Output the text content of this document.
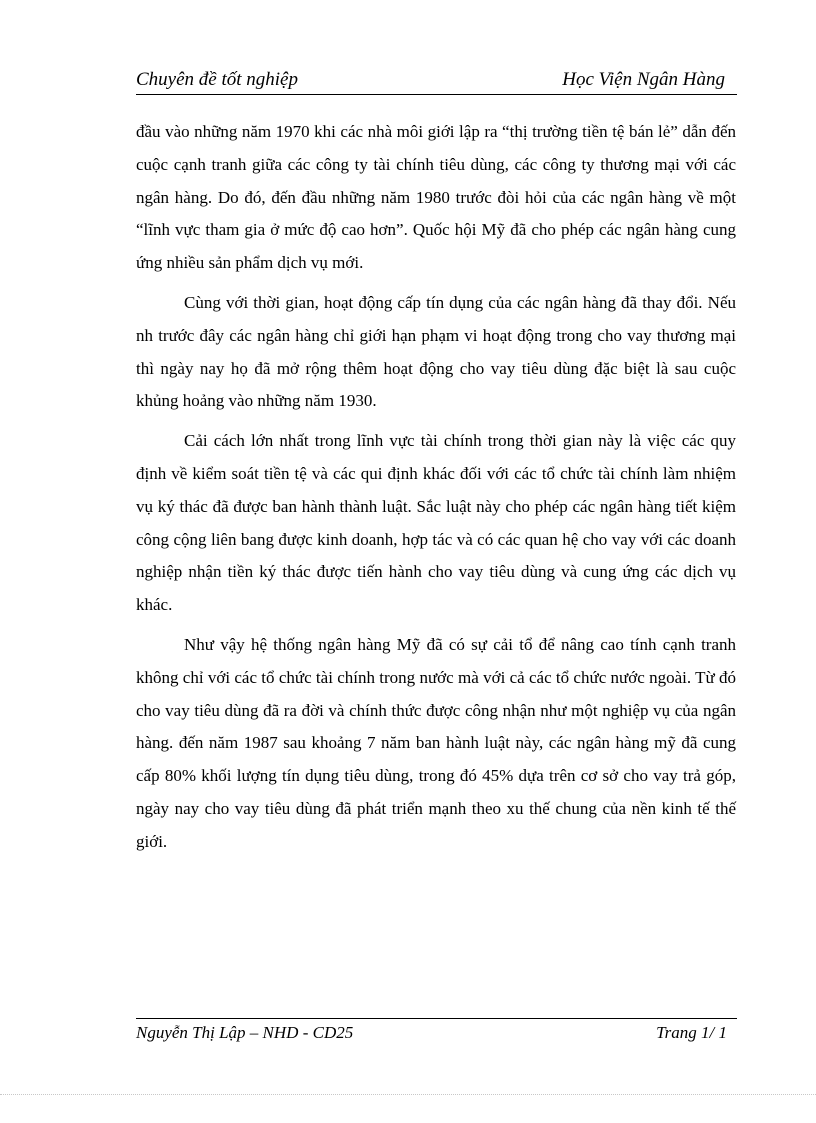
Chuyên đề tốt nghiệp	Học Viện Ngân Hàng

đầu vào những năm 1970 khi các nhà môi giới lập ra “thị trường tiền tệ bán lẻ” dẫn đến cuộc cạnh tranh giữa các công ty tài chính tiêu dùng, các công ty thương mại với các ngân hàng. Do đó, đến đầu những năm 1980 trước đòi hỏi của các ngân hàng về một “lĩnh vực tham gia ở mức độ cao hơn”. Quốc hội Mỹ đã cho phép các ngân hàng cung ứng nhiều sản phẩm dịch vụ mới.

Cùng với thời gian, hoạt động cấp tín dụng của các ngân hàng đã thay đổi. Nếu nh trước đây các ngân hàng chỉ giới hạn phạm vi hoạt động trong cho vay thương mại thì ngày nay họ đã mở rộng thêm hoạt động cho vay tiêu dùng đặc biệt là sau cuộc khủng hoảng vào những năm 1930.

Cải cách lớn nhất trong lĩnh vực tài chính trong thời gian này là việc các quy định về kiểm soát tiền tệ và các qui định khác đối với các tổ chức tài chính làm nhiệm vụ ký thác đã được ban hành thành luật. Sắc luật này cho phép các ngân hàng tiết kiệm công cộng liên bang được kinh doanh, hợp tác và có các quan hệ cho vay với các doanh nghiệp nhận tiền ký thác được tiến hành cho vay tiêu dùng và cung ứng các dịch vụ khác.

Như vậy hệ thống ngân hàng Mỹ đã có sự cải tổ để nâng cao tính cạnh tranh không chỉ với các tổ chức tài chính trong nước mà với cả các tổ chức nước ngoài. Từ đó cho vay tiêu dùng đã ra đời và chính thức được công nhận như một nghiệp vụ của ngân hàng. đến năm 1987 sau khoảng 7 năm ban hành luật này, các ngân hàng mỹ đã cung cấp 80% khối lượng tín dụng tiêu dùng, trong đó 45% dựa trên cơ sở cho vay trả góp, ngày nay cho vay tiêu dùng đã phát triển mạnh theo xu thế chung của nền kinh tế thế giới.

Nguyễn Thị Lập – NHD - CD25	Trang 1/ 1
